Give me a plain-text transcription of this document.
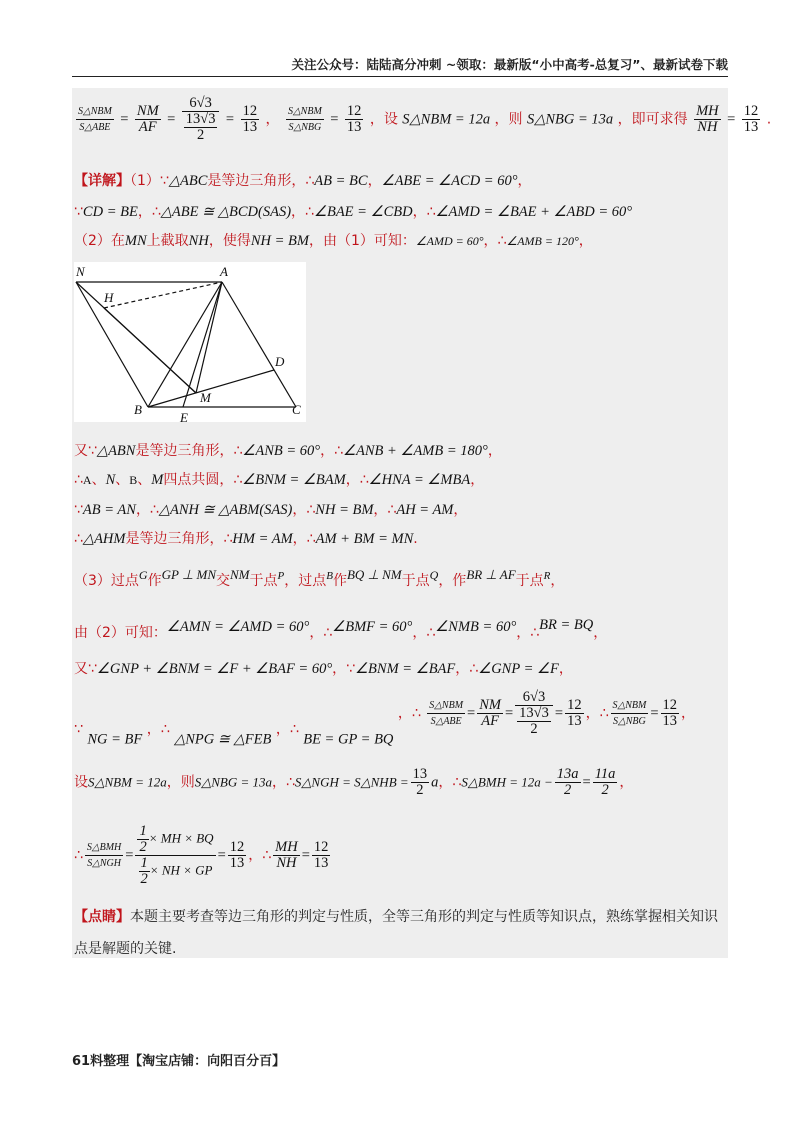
关注公众号：陆陆高分冲刺 ~领取：最新版“小中高考-总复习”、最新试卷下载
$\frac{\text{S△NBM}}{\text{S△ABE}} = \frac{NM}{AF} = 6√3$
13√3
$2 = \frac{12}{13}$ ， $\frac{\text{S△NBM}}{\text{S△NBG}} = \frac{12}{13}$ ，设 S△NBM = 12a ，则 S△NBG = 13a ，即可求得 $\frac{MH}{NH} = \frac{12}{13}$ .
【详解】（1）∵△ABC是等边三角形，∴AB = BC，∠ABE = ∠ACD = 60°，
∵CD = BE，∴△ABE ≅ △BCD(SAS)，∴∠BAE = ∠CBD，∴∠AMD = ∠BAE + ∠ABD = 60°
（2）在MN上截取NH，使得NH = BM，由（1）可知：∠AMD = 60°，∴∠AMB = 120°，
N	A
H
D
B
E
M
C
又∵△ABN是等边三角形，∴∠ANB = 60°，∴∠ANB + ∠AMB = 180°，
∴A、N、B、M四点共圆，∴∠BNM = ∠BAM，∴∠HNA = ∠MBA，
∵AB = AN，∴△ANH ≅ △ABM(SAS)，∴NH = BM，∴AH = AM，
∴△AHM是等边三角形，∴HM = AM，∴AM + BM = MN.
（3）过点G作GP ⊥ MN交NM于点$^P$，过点$^B$作BQ ⊥ NM于点Q，作BR ⊥ AF于点$^R$，
由（2）可知：∠AMN = ∠AMD = 60°，∴∠BMF = 60°，∴∠NMB = 60°，∴BR = BQ，
又∵∠GNP + ∠BNM = ∠F + ∠BAF = 60°，∵∠BNM = ∠BAF，∴∠GNP = ∠F，
∵ NG = BF ，∴ △NPG ≅ △FEB ，∴ BE = GP = BQ ，∴ $\frac{\text{S△NBM}}{\text{S△ABE}} = \frac{NM}{AF} = 6√3$
13√3
$2 = \frac{12}{13}$ ，∴ $\frac{\text{S△NBM}}{\text{S△NBG}} = \frac{12}{13}$ ，
设S△NBM = 12a，则S△NBG = 13a，∴S△NGH = S△NHB = $\frac{13}{2}$ a，∴S△BMH = $12a - \frac{13a}{2} = \frac{11a}{2}$ ，
∴ $\frac{\text{S△BMH}}{\text{S△NGH}} = \frac{\frac{1}{2} \times MH \times BQ}{\frac{1}{2} \times NH \times GP} = \frac{12}{13}$ ，∴ $\frac{MH}{NH} = \frac{12}{13}$
【点睛】本题主要考查等边三角形的判定与性质，全等三角形的判定与性质等知识点，熟练掌握相关知识
点是解题的关键.
61料整理【淘宝店铺：向阳百分百】
